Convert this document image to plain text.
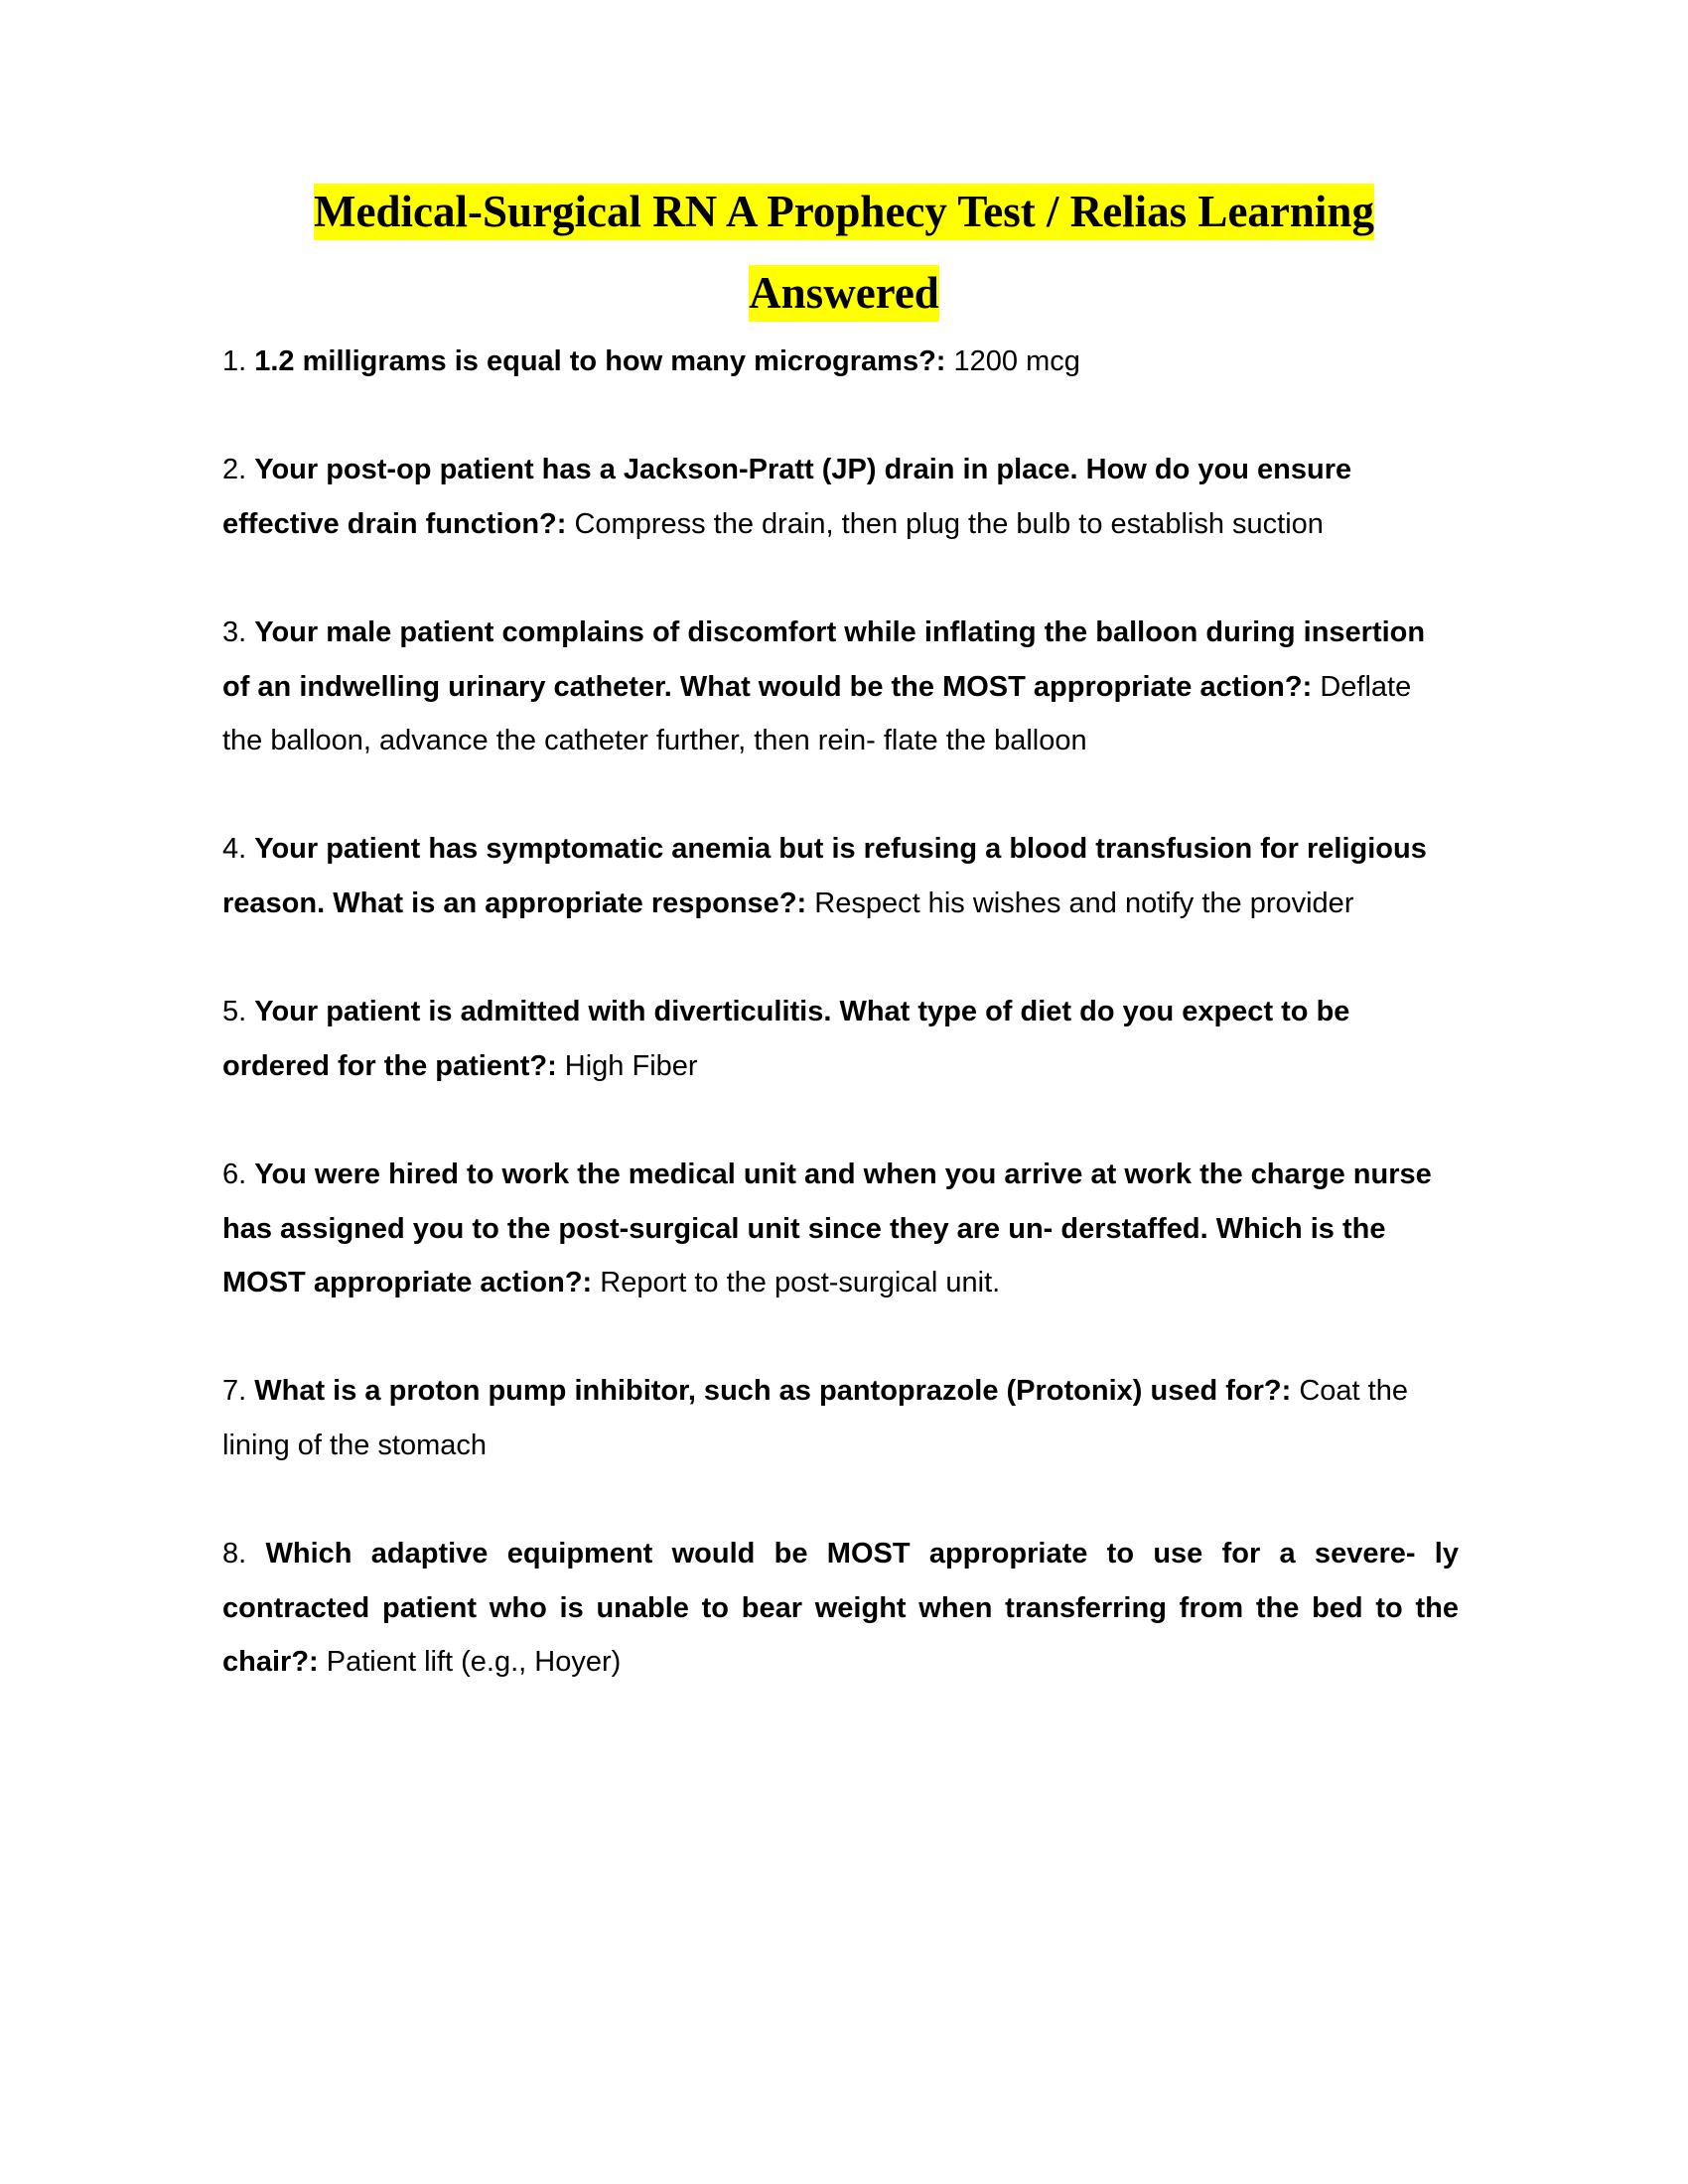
Medical-Surgical RN A Prophecy Test / Relias Learning
Answered

1. 1.2 milligrams is equal to how many micrograms?: 1200 mcg

2. Your post-op patient has a Jackson-Pratt (JP) drain in place. How do you ensure effective drain function?: Compress the drain, then plug the bulb to establish suction

3. Your male patient complains of discomfort while inflating the balloon during insertion of an indwelling urinary catheter. What would be the MOST appropriate action?: Deflate the balloon, advance the catheter further, then rein- flate the balloon

4. Your patient has symptomatic anemia but is refusing a blood transfusion for religious reason. What is an appropriate response?: Respect his wishes and notify the provider

5. Your patient is admitted with diverticulitis. What type of diet do you expect to be ordered for the patient?: High Fiber

6. You were hired to work the medical unit and when you arrive at work the charge nurse has assigned you to the post-surgical unit since they are un- derstaffed. Which is the MOST appropriate action?: Report to the post-surgical unit.

7. What is a proton pump inhibitor, such as pantoprazole (Protonix) used for?: Coat the lining of the stomach

8. Which adaptive equipment would be MOST appropriate to use for a severe- ly contracted patient who is unable to bear weight when transferring from the bed to the chair?: Patient lift (e.g., Hoyer)
